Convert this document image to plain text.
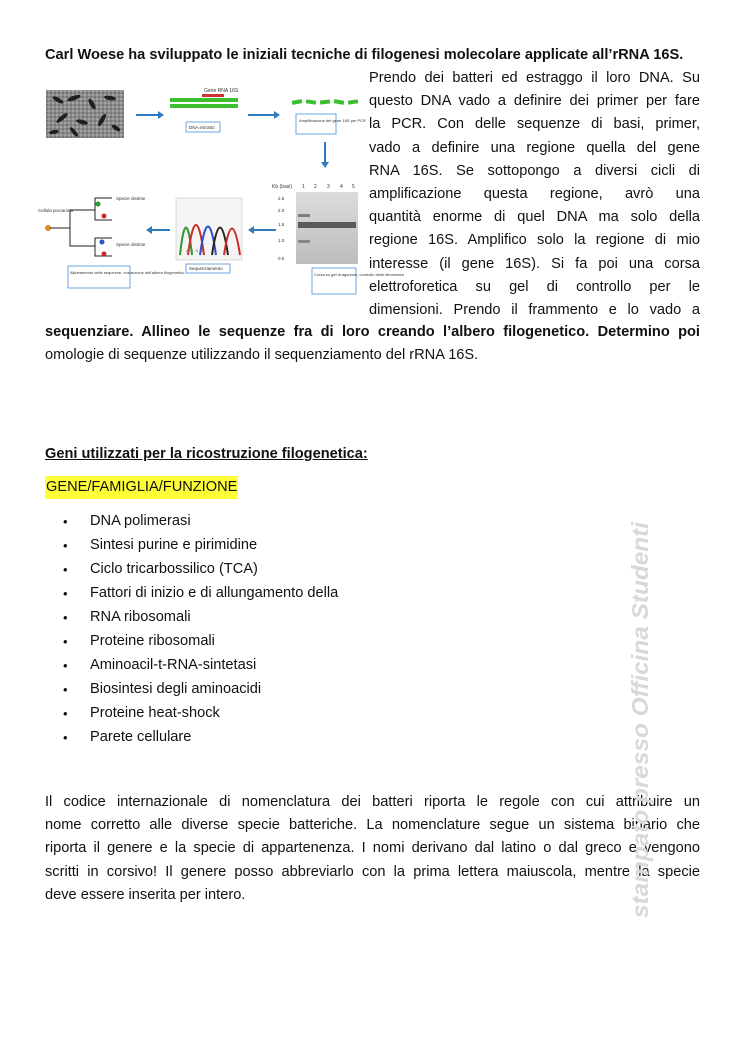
Carl Woese ha sviluppato le iniziali tecniche di filogenesi molecolare applicate all’rRNA 16S.
Gene RNA 16S
DNA estratto
Amplificazione del gene 16S per PCR
Kb (basi) 1 2 3 4 5
2.5
2.0
1.5
1.0
0.5
Corsa su gel di agarosio, controllo delle dimensioni
A C G G
Sequenziamento
Cellula procariota
Specie distinte
Specie distinte
Allineamento delle sequenze, costruzione dell'albero filogenetico

Prendo dei batteri ed estraggo il loro DNA. Su

questo DNA vado a definire dei primer per fare

la PCR. Con delle sequenze di basi, primer,

vado a definire una regione quella del gene

RNA 16S. Se sottopongo a diversi cicli di

amplificazione questa regione, avrò una

quantità enorme di quel DNA ma solo della

regione 16S. Amplifico solo la regione di mio

interesse (il gene 16S). Si fa poi una corsa

elettroforetica su gel di controllo per le

dimensioni. Prendo il frammento e lo vado a

sequenziare. Allineo le sequenze fra di loro creando l’albero filogenetico. Determino poi

omologie di sequenze utilizzando il sequenziamento del rRNA 16S.

Geni utilizzati per la ricostruzione filogenetica:
GENE/FAMIGLIA/FUNZIONE
• DNA polimerasi
• Sintesi purine e pirimidine
• Ciclo tricarbossilico (TCA)
• Fattori di inizio e di allungamento della
• RNA ribosomali
• Proteine ribosomali
• Aminoacil-t-RNA-sintetasi
• Biosintesi degli aminoacidi
• Proteine heat-shock
• Parete cellulare

Il codice internazionale di nomenclatura dei batteri riporta le regole con cui attribuire un

nome corretto alle diverse specie batteriche. La nomenclature segue un sistema binario che

riporta il genere e la specie di appartenenza. I nomi derivano dal latino o dal greco e vengono

scritti in corsivo! Il genere posso abbreviarlo con la prima lettera maiuscola, mentre la specie

deve essere inserita per intero.	stampato presso Officina Studenti
